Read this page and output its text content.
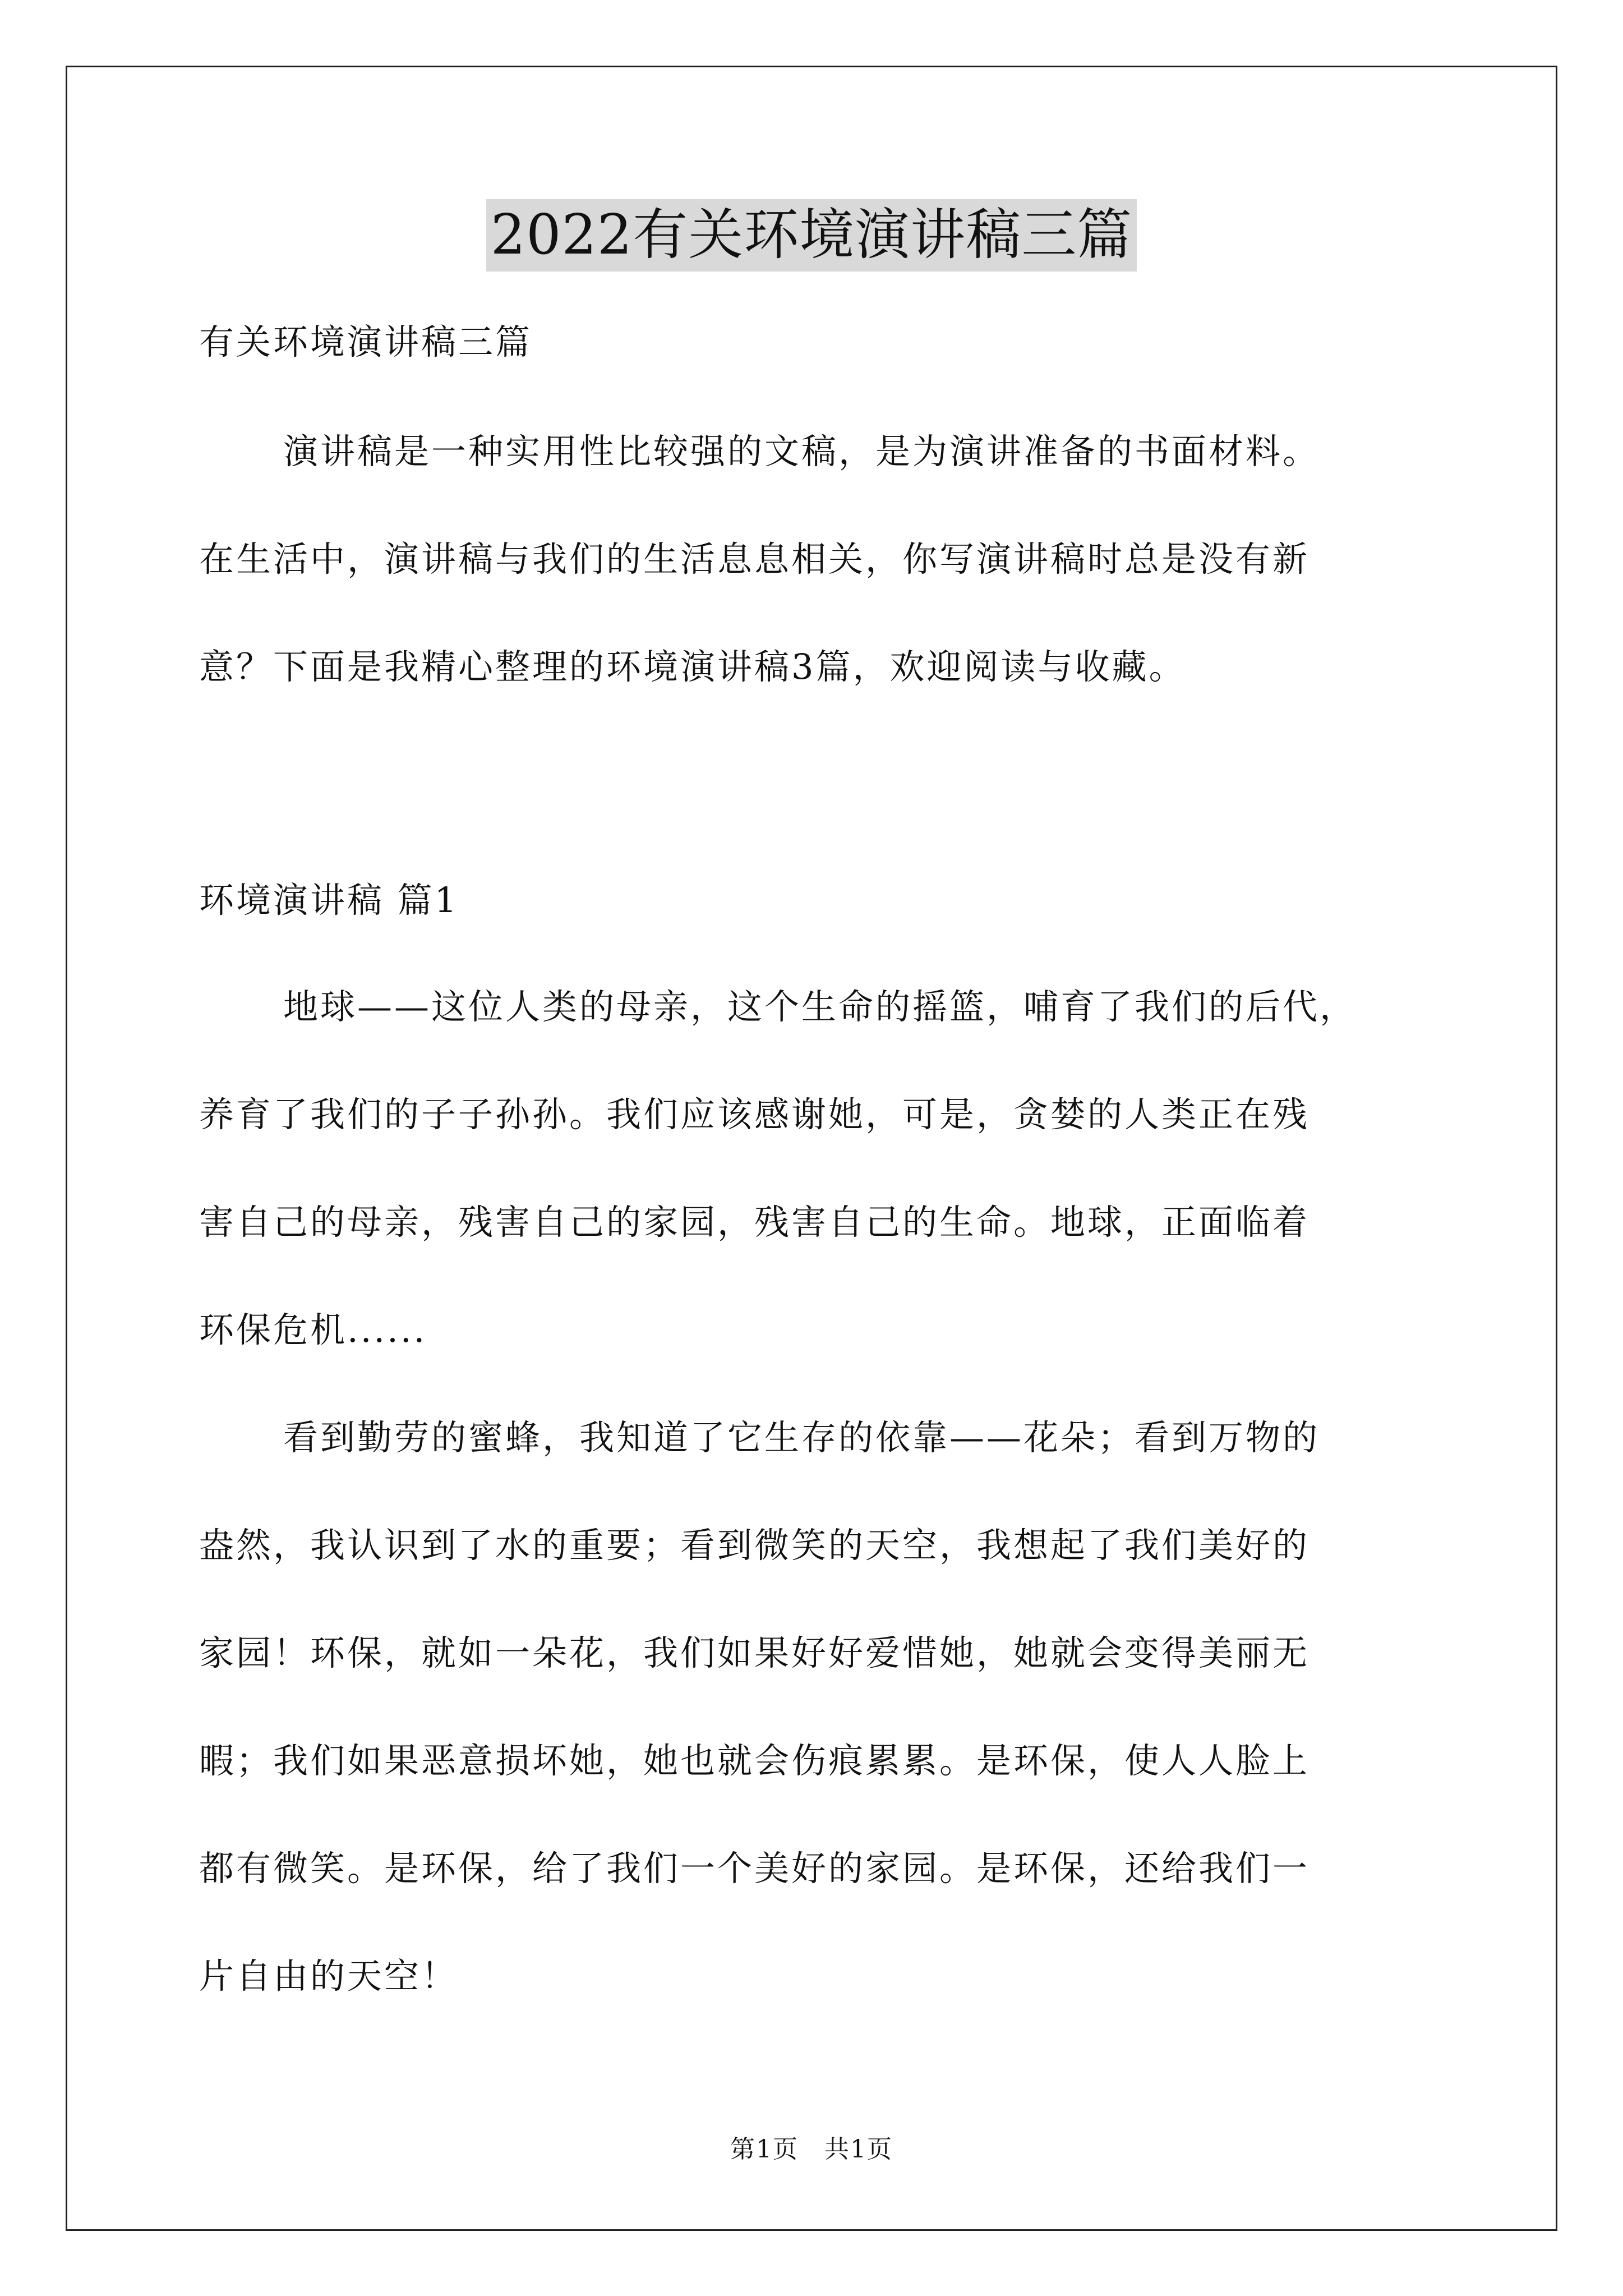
2022有关环境演讲稿三篇
有关环境演讲稿三篇
演讲稿是一种实用性比较强的文稿，是为演讲准备的书面材料。
在生活中，演讲稿与我们的生活息息相关，你写演讲稿时总是没有新
意？下面是我精心整理的环境演讲稿3篇，欢迎阅读与收藏。
环境演讲稿 篇1
地球——这位人类的母亲，这个生命的摇篮，哺育了我们的后代，
养育了我们的子子孙孙。我们应该感谢她，可是，贪婪的人类正在残
害自己的母亲，残害自己的家园，残害自己的生命。地球，正面临着
环保危机......
看到勤劳的蜜蜂，我知道了它生存的依靠——花朵；看到万物的
盎然，我认识到了水的重要；看到微笑的天空，我想起了我们美好的
家园！环保，就如一朵花，我们如果好好爱惜她，她就会变得美丽无
暇；我们如果恶意损坏她，她也就会伤痕累累。是环保，使人人脸上
都有微笑。是环保，给了我们一个美好的家园。是环保，还给我们一
片自由的天空！
第1页　共1页
